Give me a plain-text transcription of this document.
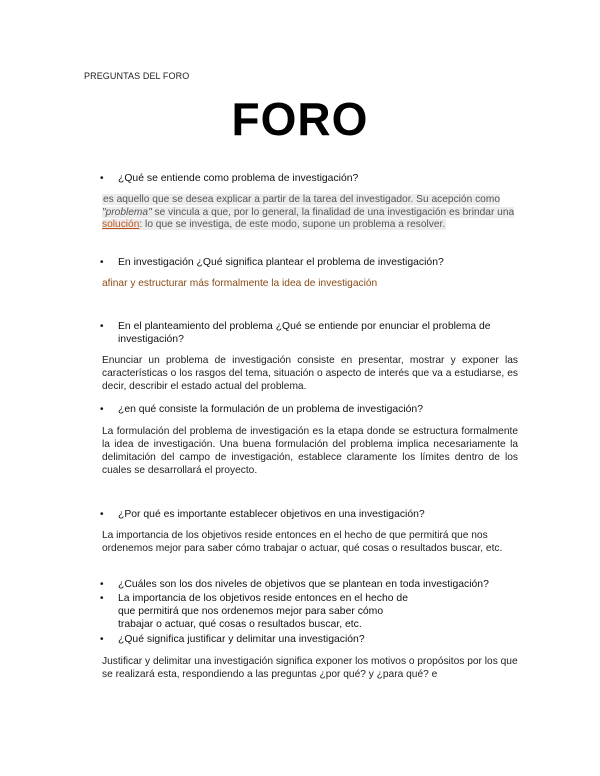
PREGUNTAS DEL FORO
FORO
•	¿Qué se entiende como problema de investigación?
es aquello que se desea explicar a partir de la tarea del investigador. Su acepción como "problema" se vincula a que, por lo general, la finalidad de una investigación es brindar una solución: lo que se investiga, de este modo, supone un problema a resolver.
•	En investigación ¿Qué significa plantear el problema de investigación?
afinar y estructurar más formalmente la idea de investigación
•	En el planteamiento del problema ¿Qué se entiende por enunciar el problema de investigación?
Enunciar un problema de investigación consiste en presentar, mostrar y exponer las características o los rasgos del tema, situación o aspecto de interés que va a estudiarse, es decir, describir el estado actual del problema.
•	¿en qué consiste la formulación de un problema de investigación?
La formulación del problema de investigación es la etapa donde se estructura formalmente la idea de investigación. Una buena formulación del problema implica necesariamente la delimitación del campo de investigación, establece claramente los límites dentro de los cuales se desarrollará el proyecto.
•	¿Por qué es importante establecer objetivos en una investigación?
La importancia de los objetivos reside entonces en el hecho de que permitirá que nos ordenemos mejor para saber cómo trabajar o actuar, qué cosas o resultados buscar, etc.
•	¿Cuáles son los dos niveles de objetivos que se plantean en toda investigación?
•	La importancia de los objetivos reside entonces en el hecho de que permitirá que nos ordenemos mejor para saber cómo trabajar o actuar, qué cosas o resultados buscar, etc.
•	¿Qué significa justificar y delimitar una investigación?
Justificar y delimitar una investigación significa exponer los motivos o propósitos por los que se realizará esta, respondiendo a las preguntas ¿por qué? y ¿para qué? e
